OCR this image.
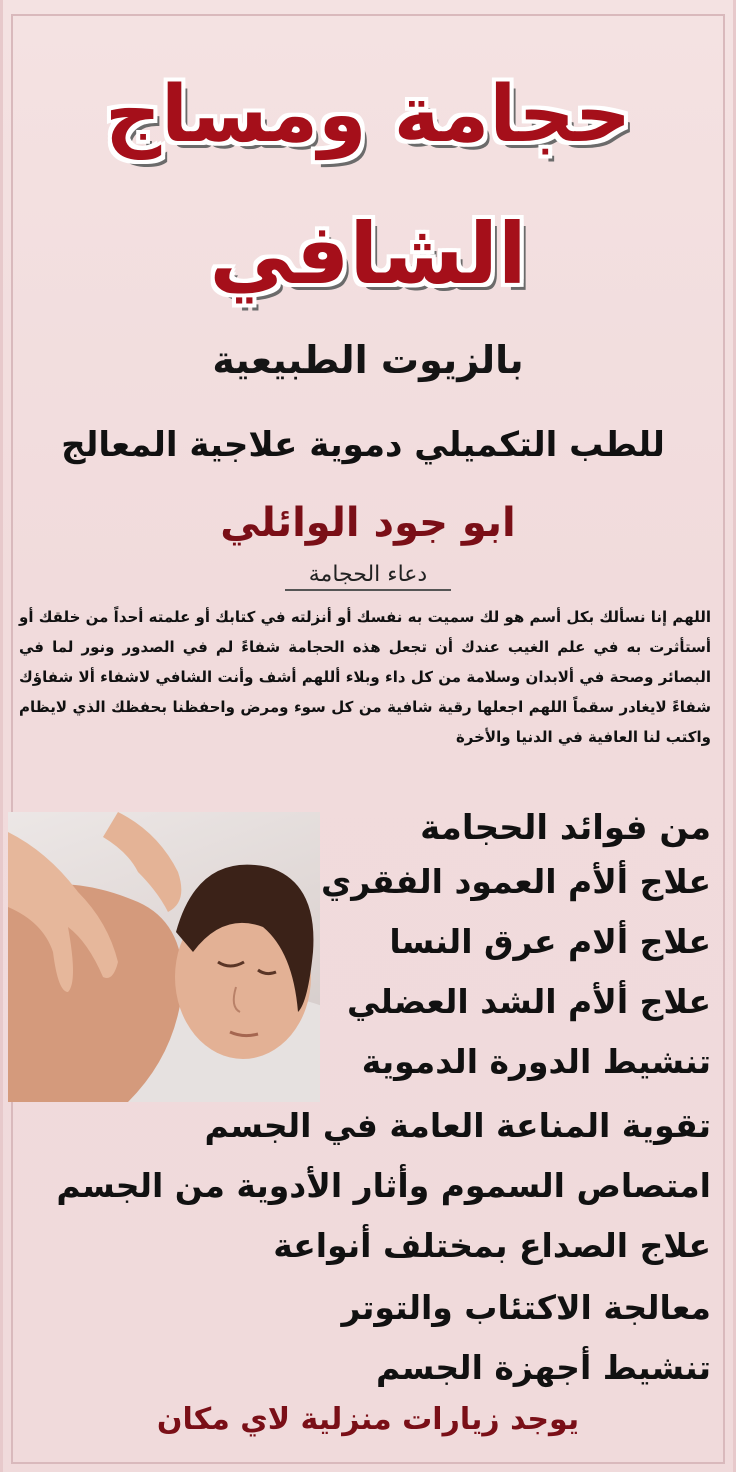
حجامة ومساج
الشافي
بالزيوت الطبيعية
للطب التكميلي دموية علاجية المعالج
ابو جود الوائلي
دعاء الحجامة
اللهم إنا نسألك بكل أسم هو لك سميت به نفسك أو أنزلته في كتابك أو علمته أحداً من خلقك أو أستأثرت به في علم الغيب عندك أن تجعل هذه الحجامة شفاءً لم في الصدور ونور لما في البصائر وصحة في ألابدان وسلامة من كل داء وبلاء أللهم أشف وأنت الشافي لاشفاء ألا شفاؤك شفاءً لايغادر سقماً اللهم اجعلها رقية شافية من كل سوء ومرض واحفظنا بحفظك الذي لايظام واكتب لنا العافية في الدنيا والأخرة
من فوائد الحجامة
علاج ألأم العمود الفقري
علاج ألام عرق النسا
علاج ألأم الشد العضلي
تنشيط الدورة الدموية
تقوية المناعة العامة في الجسم
امتصاص السموم وأثار الأدوية من الجسم
علاج الصداع بمختلف أنواعة
معالجة الاكتئاب والتوتر
تنشيط أجهزة الجسم
يوجد زيارات منزلية لاي مكان
